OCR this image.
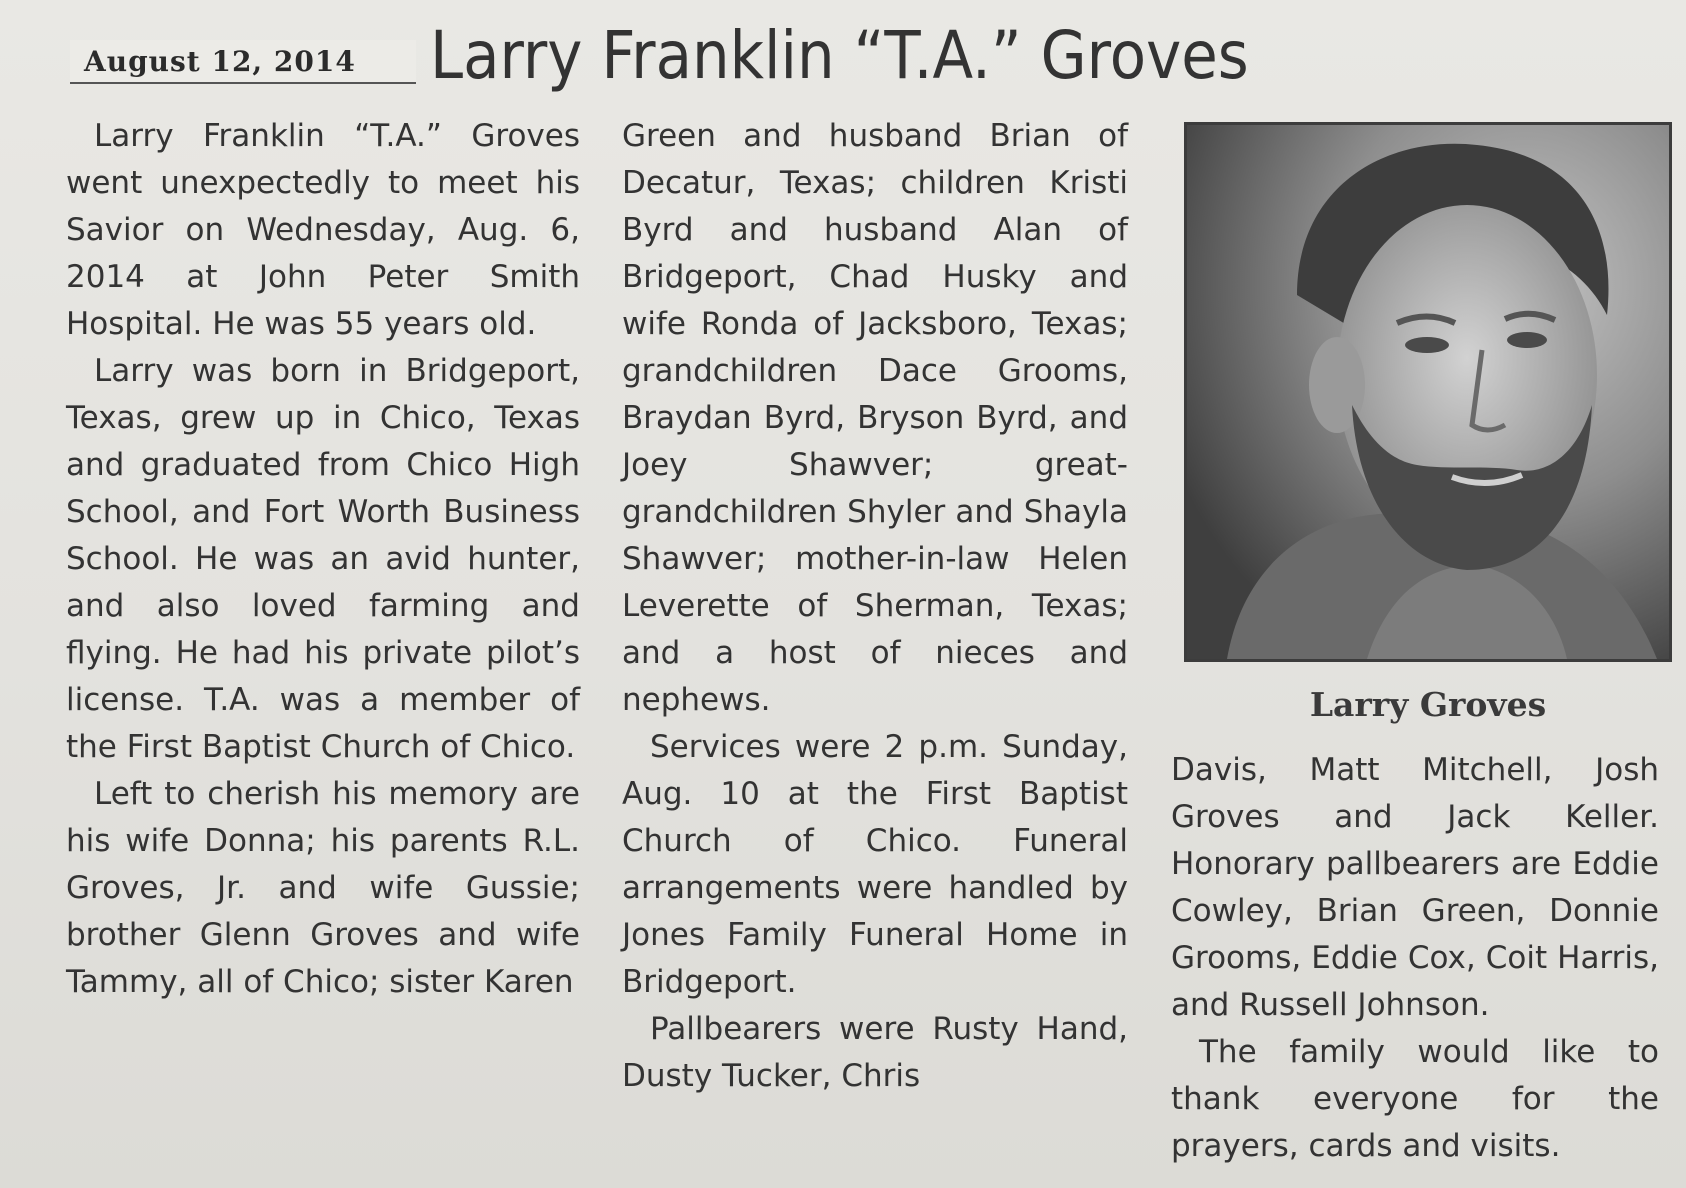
August 12, 2014	Larry Franklin “T.A.” Groves

Larry Franklin “T.A.” Groves went unexpectedly to meet his Savior on Wednesday, Aug. 6, 2014 at John Peter Smith Hospital. He was 55 years old.

Larry was born in Bridgeport, Texas, grew up in Chico, Texas and graduated from Chico High School, and Fort Worth Business School. He was an avid hunter, and also loved farming and flying. He had his private pilot’s license. T.A. was a member of the First Baptist Church of Chico.

Left to cherish his memory are his wife Donna; his parents R.L. Groves, Jr. and wife Gussie; brother Glenn Groves and wife Tammy, all of Chico; sister Karen

Green and husband Brian of Decatur, Texas; children Kristi Byrd and husband Alan of Bridgeport, Chad Husky and wife Ronda of Jacksboro, Texas; grandchildren Dace Grooms, Braydan Byrd, Bryson Byrd, and Joey Shawver; great-grandchildren Shyler and Shayla Shawver; mother-in-law Helen Leverette of Sherman, Texas; and a host of nieces and nephews.

Services were 2 p.m. Sunday, Aug. 10 at the First Baptist Church of Chico. Funeral arrangements were handled by Jones Family Funeral Home in Bridgeport.

Pallbearers were Rusty Hand, Dusty Tucker, Chris

Larry Groves

Davis, Matt Mitchell, Josh Groves and Jack Keller. Honorary pallbearers are Eddie Cowley, Brian Green, Donnie Grooms, Eddie Cox, Coit Harris, and Russell Johnson.

The family would like to thank everyone for the prayers, cards and visits.
